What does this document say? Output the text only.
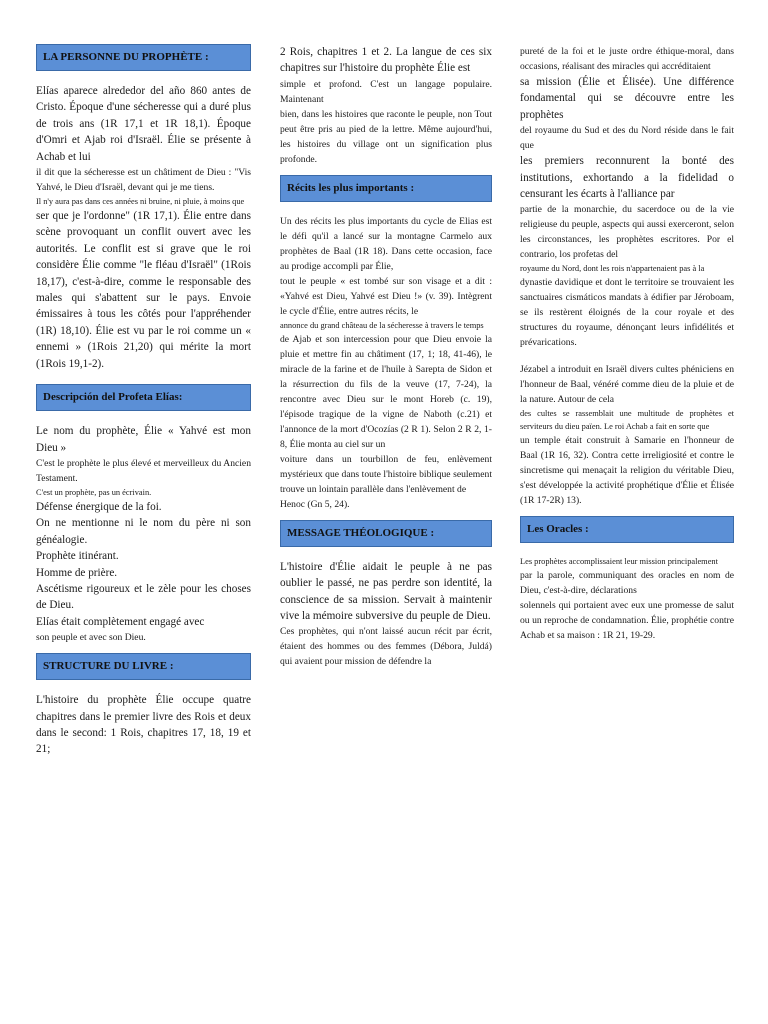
LA PERSONNE DU PROPHÈTE :

Elías aparece alrededor del año 860 antes de Cristo. Époque d'une sécheresse qui a duré plus de trois ans (1R 17,1 et 1R 18,1). Époque d'Omri et Ajab roi d'Israël. Élie se présente à Achab et lui

il dit que la sécheresse est un châtiment de Dieu : "Vis Yahvé, le Dieu d'Israël, devant qui je me tiens.

Il n'y aura pas dans ces années ni bruine, ni pluie, à moins que

ser que je l'ordonne" (1R 17,1). Élie entre dans scène provoquant un conflit ouvert avec les autorités. Le conflit est si grave que le roi considère Élie comme "le fléau d'Israël" (1Rois 18,17), c'est-à-dire, comme le responsable des males qui s'abattent sur le pays. Envoie émissaires à tous les côtés pour l'appréhender (1R) 18,10). Élie est vu par le roi comme un « ennemi » (1Rois 21,20) qui mérite la mort (1Rois 19,1-2).

Descripción del Profeta Elías:

Le nom du prophète, Élie « Yahvé est mon Dieu »

C'est le prophète le plus élevé et merveilleux du Ancien Testament.

C'est un prophète, pas un écrivain.

Défense énergique de la foi.

On ne mentionne ni le nom du père ni son généalogie.

Prophète itinérant.

Homme de prière.

Ascétisme rigoureux et le zèle pour les choses de Dieu.

Elías était complètement engagé avec

son peuple et avec son Dieu.

STRUCTURE DU LIVRE :

L'histoire du prophète Élie occupe quatre chapitres dans le premier livre des Rois et deux dans le second: 1 Rois, chapitres 17, 18, 19 et 21;

2 Rois, chapitres 1 et 2. La langue de ces six chapitres sur l'histoire du prophète Élie est

simple et profond. C'est un langage populaire. Maintenant

bien, dans les histoires que raconte le peuple, non Tout peut être pris au pied de la lettre. Même aujourd'hui, les histoires du village ont un signification plus profonde.

Récits les plus importants :

Un des récits les plus importants du cycle de Elias est le défi qu'il a lancé sur la montagne Carmelo aux prophètes de Baal (1R 18). Dans cette occasion, face au prodige accompli par Élie,

tout le peuple « est tombé sur son visage et a dit : «Yahvé est Dieu, Yahvé est Dieu !» (v. 39). Intègrent le cycle d'Élie, entre autres récits, le

annonce du grand château de la sécheresse à travers le temps

de Ajab et son intercession pour que Dieu envoie la pluie et mettre fin au châtiment (17, 1; 18, 41-46), le miracle de la farine et de l'huile à Sarepta de Sidon et la résurrection du fils de la veuve (17, 7-24), la rencontre avec Dieu sur le mont Horeb (c. 19), l'épisode tragique de la vigne de Naboth (c.21) et l'annonce de la mort d'Ocozías (2 R 1). Selon 2 R 2, 1-8, Élie monta au ciel sur un

voiture dans un tourbillon de feu, enlèvement mystérieux que dans toute l'histoire biblique seulement trouve un lointain parallèle dans l'enlèvement de

Henoc (Gn 5, 24).

MESSAGE THÉOLOGIQUE :

L'histoire d'Élie aidait le peuple à ne pas oublier le passé, ne pas perdre son identité, la conscience de sa mission. Servait à maintenir vive la mémoire subversive du peuple de Dieu.

Ces prophètes, qui n'ont laissé aucun récit par écrit, étaient des hommes ou des femmes (Débora, Juldá) qui avaient pour mission de défendre la

pureté de la foi et le juste ordre éthique-moral, dans occasions, réalisant des miracles qui accréditaient

sa mission (Élie et Élisée). Une différence fondamental qui se découvre entre les prophètes

del royaume du Sud et des du Nord réside dans le fait que

les premiers reconnurent la bonté des institutions, exhortando a la fidelidad o censurant les écarts à l'alliance par

partie de la monarchie, du sacerdoce ou de la vie religieuse du peuple, aspects qui aussi exerceront, selon les circonstances, les prophètes escritores. Por el contrario, los profetas del

royaume du Nord, dont les rois n'appartenaient pas à la

dynastie davidique et dont le territoire se trouvaient les sanctuaires cismáticos mandats à édifier par Jéroboam, se ils restèrent éloignés de la cour royale et des structures du royaume, dénonçant leurs infidélités et prévarications.

Jézabel a introduit en Israël divers cultes phéniciens en l'honneur de Baal, vénéré comme dieu de la pluie et de la nature. Autour de cela

des cultes se rassemblait une multitude de prophètes et serviteurs du dieu païen. Le roi Achab a fait en sorte que

un temple était construit à Samarie en l'honneur de Baal (1R 16, 32). Contra cette irreligiosité et contre le sincretisme qui menaçait la religion du véritable Dieu, s'est développée la activité prophétique d'Élie et Élisée (1R 17-2R) 13).

Les Oracles :

Les prophètes accomplissaient leur mission principalement

par la parole, communiquant des oracles en nom de Dieu, c'est-à-dire, déclarations

solennels qui portaient avec eux une promesse de salut ou un reproche de condamnation. Élie, prophétie contre Achab et sa maison : 1R 21, 19-29.
